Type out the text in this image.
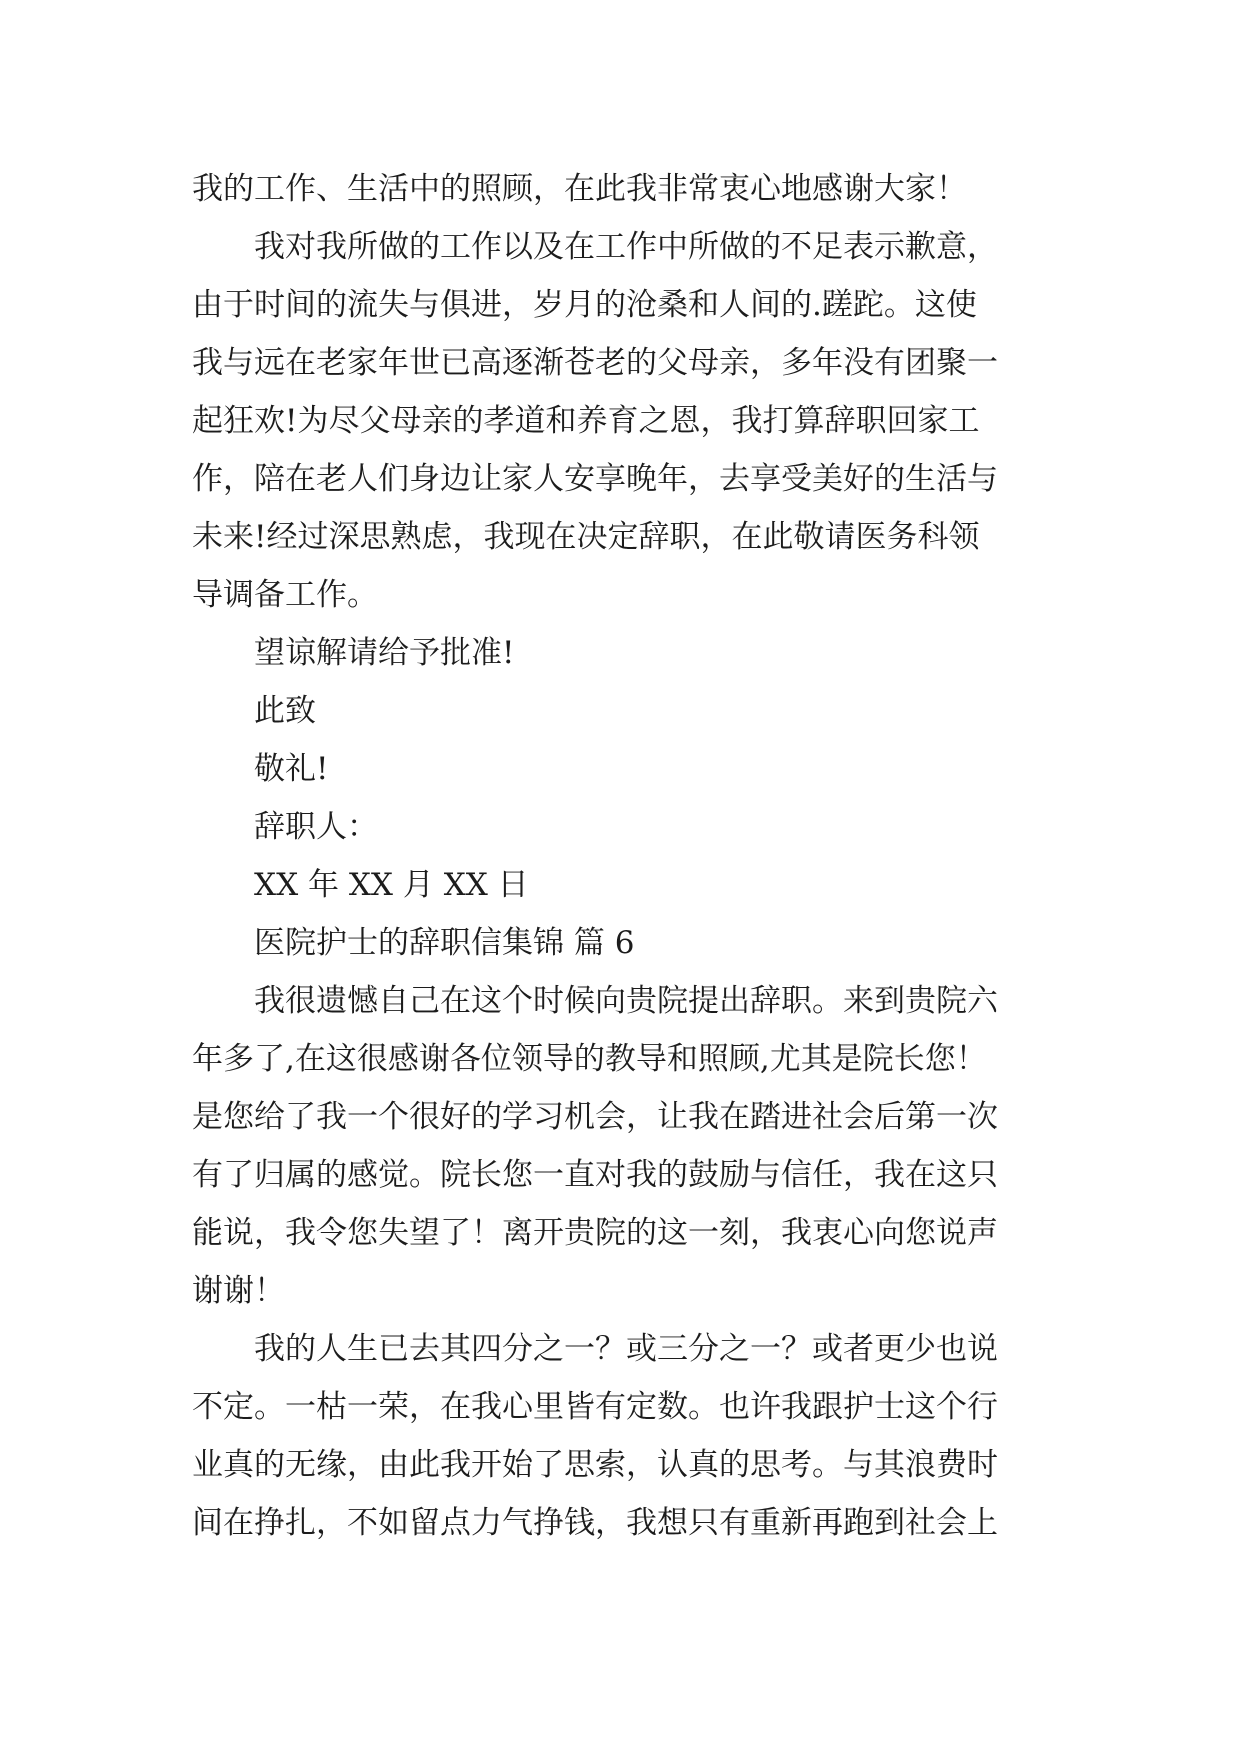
我的工作、生活中的照顾，在此我非常衷心地感谢大家！
我对我所做的工作以及在工作中所做的不足表示歉意，
由于时间的流失与俱进，岁月的沧桑和人间的.蹉跎。这使
我与远在老家年世已高逐渐苍老的父母亲，多年没有团聚一
起狂欢!为尽父母亲的孝道和养育之恩，我打算辞职回家工
作，陪在老人们身边让家人安享晚年，去享受美好的生活与
未来!经过深思熟虑，我现在决定辞职，在此敬请医务科领
导调备工作。
望谅解请给予批准!
此致
敬礼!
辞职人：
XX 年 XX 月 XX 日
医院护士的辞职信集锦 篇 6
我很遗憾自己在这个时候向贵院提出辞职。来到贵院六
年多了,在这很感谢各位领导的教导和照顾,尤其是院长您！
是您给了我一个很好的学习机会，让我在踏进社会后第一次
有了归属的感觉。院长您一直对我的鼓励与信任，我在这只
能说，我令您失望了！离开贵院的这一刻，我衷心向您说声
谢谢！
我的人生已去其四分之一？或三分之一？或者更少也说
不定。一枯一荣，在我心里皆有定数。也许我跟护士这个行
业真的无缘，由此我开始了思索，认真的思考。与其浪费时
间在挣扎，不如留点力气挣钱，我想只有重新再跑到社会上
